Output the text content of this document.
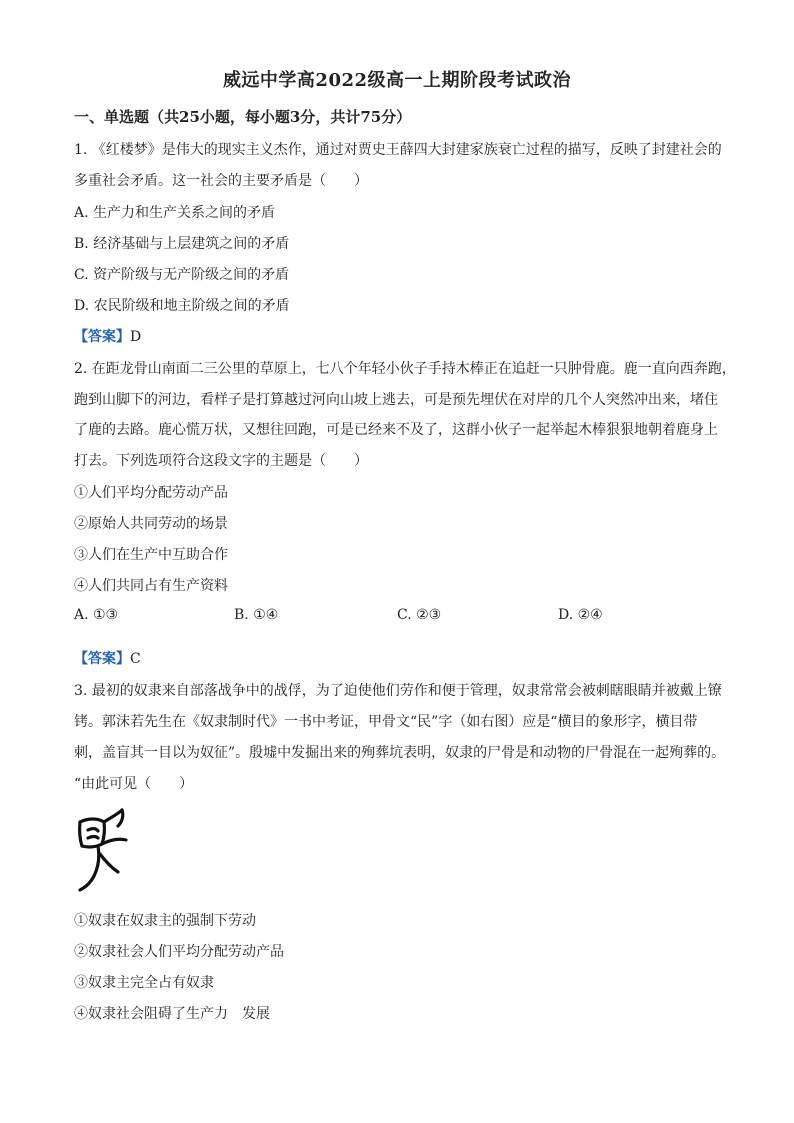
威远中学高2022级高一上期阶段考试政治
一、单选题（共25小题，每小题3分，共计75分）
1. 《红楼梦》是伟大的现实主义杰作，通过对贾史王薛四大封建家族衰亡过程的描写，反映了封建社会的
多重社会矛盾。这一社会的主要矛盾是（　　）
A. 生产力和生产关系之间的矛盾
B. 经济基础与上层建筑之间的矛盾
C. 资产阶级与无产阶级之间的矛盾
D. 农民阶级和地主阶级之间的矛盾
【答案】D
2. 在距龙骨山南面二三公里的草原上，七八个年轻小伙子手持木棒正在追赶一只肿骨鹿。鹿一直向西奔跑，
跑到山脚下的河边，看样子是打算越过河向山坡上逃去，可是预先埋伏在对岸的几个人突然冲出来，堵住
了鹿的去路。鹿心慌万状，又想往回跑，可是已经来不及了，这群小伙子一起举起木棒狠狠地朝着鹿身上
打去。下列选项符合这段文字的主题是（　　）
①人们平均分配劳动产品
②原始人共同劳动的场景
③人们在生产中互助合作
④人们共同占有生产资料
A. ①③	B. ①④	C. ②③	D. ②④
【答案】C
3. 最初的奴隶来自部落战争中的战俘，为了迫使他们劳作和便于管理，奴隶常常会被刺瞎眼睛并被戴上镣
铐。郭沫若先生在《奴隶制时代》一书中考证，甲骨文“民”字（如右图）应是“横目的象形字，横目带
刺，盖盲其一目以为奴征”。殷墟中发掘出来的殉葬坑表明，奴隶的尸骨是和动物的尸骨混在一起殉葬的。
“由此可见（　　）
①奴隶在奴隶主的强制下劳动
②奴隶社会人们平均分配劳动产品
③奴隶主完全占有奴隶
④奴隶社会阻碍了生产力　发展
